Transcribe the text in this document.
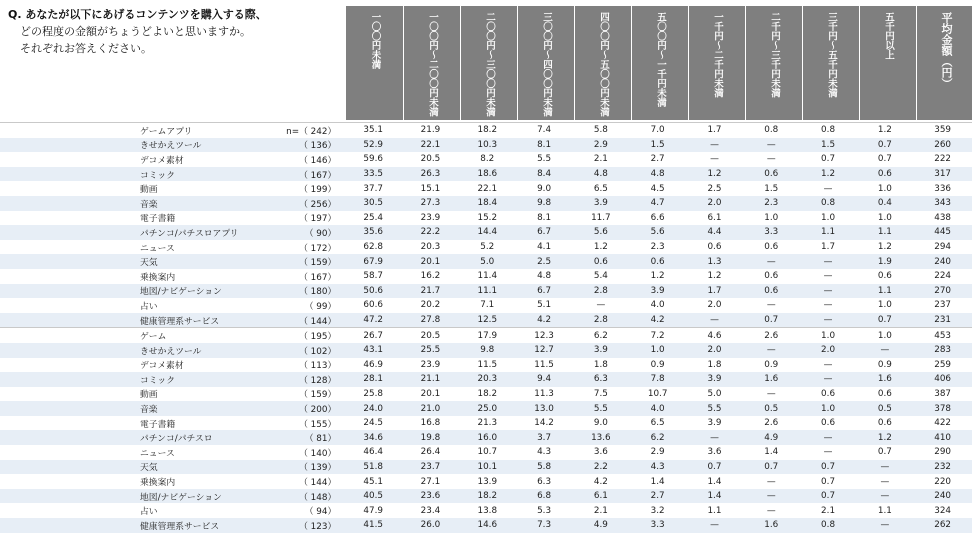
Q. あなたが以下にあげるコンテンツを購入する際、
どの程度の金額がちょうどよいと思いますか。
それぞれお答えください。	一〇〇円未満	一〇〇円〜二〇〇円未満	二〇〇円〜三〇〇円未満	三〇〇円〜四〇〇円未満	四〇〇円〜五〇〇円未満	五〇〇円〜一千円未満	一千円〜二千円未満	二千円〜三千円未満	三千円〜五千円未満	五千円以上	平均金額（円）
ゲームアプリ	n=（ 242）	35.1	21.9	18.2	7.4	5.8	7.0	1.7	0.8	0.8	1.2	359
きせかえツール	（ 136）	52.9	22.1	10.3	8.1	2.9	1.5	—	—	1.5	0.7	260
デコメ素材	（ 146）	59.6	20.5	8.2	5.5	2.1	2.7	—	—	0.7	0.7	222
コミック	（ 167）	33.5	26.3	18.6	8.4	4.8	4.8	1.2	0.6	1.2	0.6	317
動画	（ 199）	37.7	15.1	22.1	9.0	6.5	4.5	2.5	1.5	—	1.0	336
音楽	（ 256）	30.5	27.3	18.4	9.8	3.9	4.7	2.0	2.3	0.8	0.4	343
電子書籍	（ 197）	25.4	23.9	15.2	8.1	11.7	6.6	6.1	1.0	1.0	1.0	438
パチンコ/パチスロアプリ	（ 90）	35.6	22.2	14.4	6.7	5.6	5.6	4.4	3.3	1.1	1.1	445
ニュース	（ 172）	62.8	20.3	5.2	4.1	1.2	2.3	0.6	0.6	1.7	1.2	294
天気	（ 159）	67.9	20.1	5.0	2.5	0.6	0.6	1.3	—	—	1.9	240
乗換案内	（ 167）	58.7	16.2	11.4	4.8	5.4	1.2	1.2	0.6	—	0.6	224
地図/ナビゲーション	（ 180）	50.6	21.7	11.1	6.7	2.8	3.9	1.7	0.6	—	1.1	270
占い	（ 99）	60.6	20.2	7.1	5.1	—	4.0	2.0	—	—	1.0	237
健康管理系サービス	（ 144）	47.2	27.8	12.5	4.2	2.8	4.2	—	0.7	—	0.7	231
ゲーム	（ 195）	26.7	20.5	17.9	12.3	6.2	7.2	4.6	2.6	1.0	1.0	453
きせかえツール	（ 102）	43.1	25.5	9.8	12.7	3.9	1.0	2.0	—	2.0	—	283
デコメ素材	（ 113）	46.9	23.9	11.5	11.5	1.8	0.9	1.8	0.9	—	0.9	259
コミック	（ 128）	28.1	21.1	20.3	9.4	6.3	7.8	3.9	1.6	—	1.6	406
動画	（ 159）	25.8	20.1	18.2	11.3	7.5	10.7	5.0	—	0.6	0.6	387
音楽	（ 200）	24.0	21.0	25.0	13.0	5.5	4.0	5.5	0.5	1.0	0.5	378
電子書籍	（ 155）	24.5	16.8	21.3	14.2	9.0	6.5	3.9	2.6	0.6	0.6	422
パチンコ/パチスロ	（ 81）	34.6	19.8	16.0	3.7	13.6	6.2	—	4.9	—	1.2	410
ニュース	（ 140）	46.4	26.4	10.7	4.3	3.6	2.9	3.6	1.4	—	0.7	290
天気	（ 139）	51.8	23.7	10.1	5.8	2.2	4.3	0.7	0.7	0.7	—	232
乗換案内	（ 144）	45.1	27.1	13.9	6.3	4.2	1.4	1.4	—	0.7	—	220
地図/ナビゲーション	（ 148）	40.5	23.6	18.2	6.8	6.1	2.7	1.4	—	0.7	—	240
占い	（ 94）	47.9	23.4	13.8	5.3	2.1	3.2	1.1	—	2.1	1.1	324
健康管理系サービス	（ 123）	41.5	26.0	14.6	7.3	4.9	3.3	—	1.6	0.8	—	262
